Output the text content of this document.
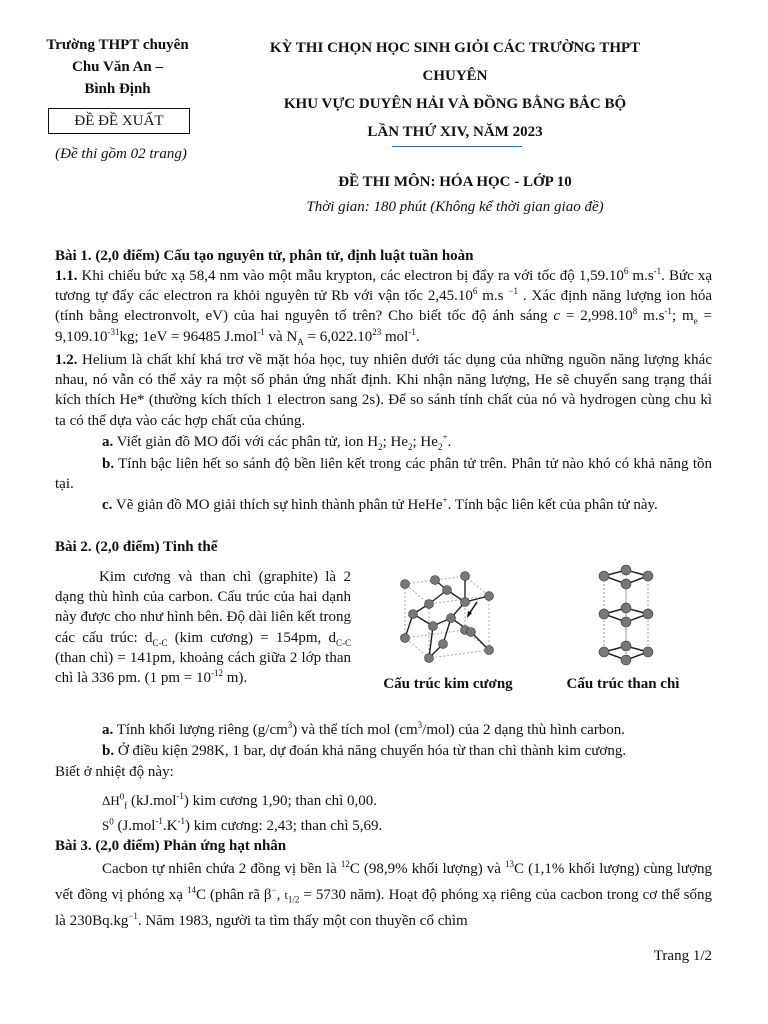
Trường THPT chuyên
Chu Văn An –
Bình Định
ĐỀ ĐỀ XUẤT
(Đề thi gồm 02 trang)
KỲ THI CHỌN HỌC SINH GIỎI CÁC TRƯỜNG THPT
CHUYÊN
KHU VỰC DUYÊN HẢI VÀ ĐỒNG BẰNG BẮC BỘ
LẦN THỨ XIV, NĂM 2023
ĐỀ THI MÔN: HÓA HỌC - LỚP 10
Thời gian: 180 phút (Không kể thời gian giao đề)
Bài 1. (2,0 điểm) Cấu tạo nguyên tử, phân tử, định luật tuần hoàn
1.1. Khi chiếu bức xạ 58,4 nm vào một mẫu krypton, các electron bị đẩy ra với tốc độ 1,59.10$^6$ $m.s^{-1}$. Bức xạ tương tự đẩy các electron ra khỏi nguyên tử Rb với vận tốc 2,45.10$^6$ m.s $^{-1}$ . Xác định năng lượng ion hóa (tính bằng electronvolt, eV) của hai nguyên tố trên? Cho biết tốc độ ánh sáng $c = 2,998.10^8$ $m.s^{-1}$; $m_e = 9,109.10^{-31}kg$; 1eV = 96485 J.mol$^{-1}$ và $N_A = 6,022.10^{23}$ mol$^{-1}$.
1.2. Helium là chất khí khá trơ về mặt hóa học, tuy nhiên dưới tác dụng của những nguồn năng lượng khác nhau, nó vẫn có thể xảy ra một số phản ứng nhất định. Khi nhận năng lượng, He sẽ chuyển sang trạng thái kích thích He* (thường kích thích 1 electron sang 2s). Để so sánh tính chất của nó và hydrogen cùng chu kì ta có thể dựa vào các hợp chất của chúng.
a. Viết giản đồ MO đối với các phân tử, ion $H_2$; $He_2$; $He_2^+$.
b. Tính bậc liên hết so sánh độ bền liên kết trong các phân tử trên. Phân tử nào khó có khả năng tồn tại.
c. Vẽ giản đồ MO giải thích sự hình thành phân tử HeHe+. Tính bậc liên kết của phân tử này.
Bài 2. (2,0 điểm) Tinh thể
Kim cương và than chì (graphite) là 2 dạng thù hình của carbon. Cấu trúc của hai dạnh này được cho như hình bên. Độ dài liên kết trong các cấu trúc: $d_{C-C}$ (kim cương) = 154pm, $d_{C-C}$ (than chì) = 141pm, khoảng cách giữa 2 lớp than chì là 336 pm. (1 pm = $10^{-12}$ m).	Cấu trúc kim cương	Cấu trúc than chì
a. Tính khối lượng riêng $(g/cm^3)$ và thể tích mol $(cm^3/mol)$ của 2 dạng thù hình carbon.
b. Ở điều kiện 298K, 1 bar, dự đoán khả năng chuyển hóa từ than chì thành kim cương.
Biết ở nhiệt độ này:
$\Delta H^0_f$ (kJ.mol$^{-1}$) kim cương 1,90; than chì 0,00.
$S^0$ $(J.mol^{-1}.K^{-1})$ kim cương: 2,43; than chì 5,69.
Bài 3. (2,0 điểm) Phản ứng hạt nhân
Cacbon tự nhiên chứa 2 đồng vị bền là $^{12}$C (98,9% khối lượng) và $^{13}$C (1,1% khối lượng) cùng lượng vết đồng vị phóng xạ $^{14}$C (phân rã β−, $t_{1/2} = 5730$ năm). Hoạt độ phóng xạ riêng của cacbon trong cơ thể sống là $230Bq.kg^{-1}$. Năm 1983, người ta tìm thấy một con thuyền cổ chìm
Trang 1/2
